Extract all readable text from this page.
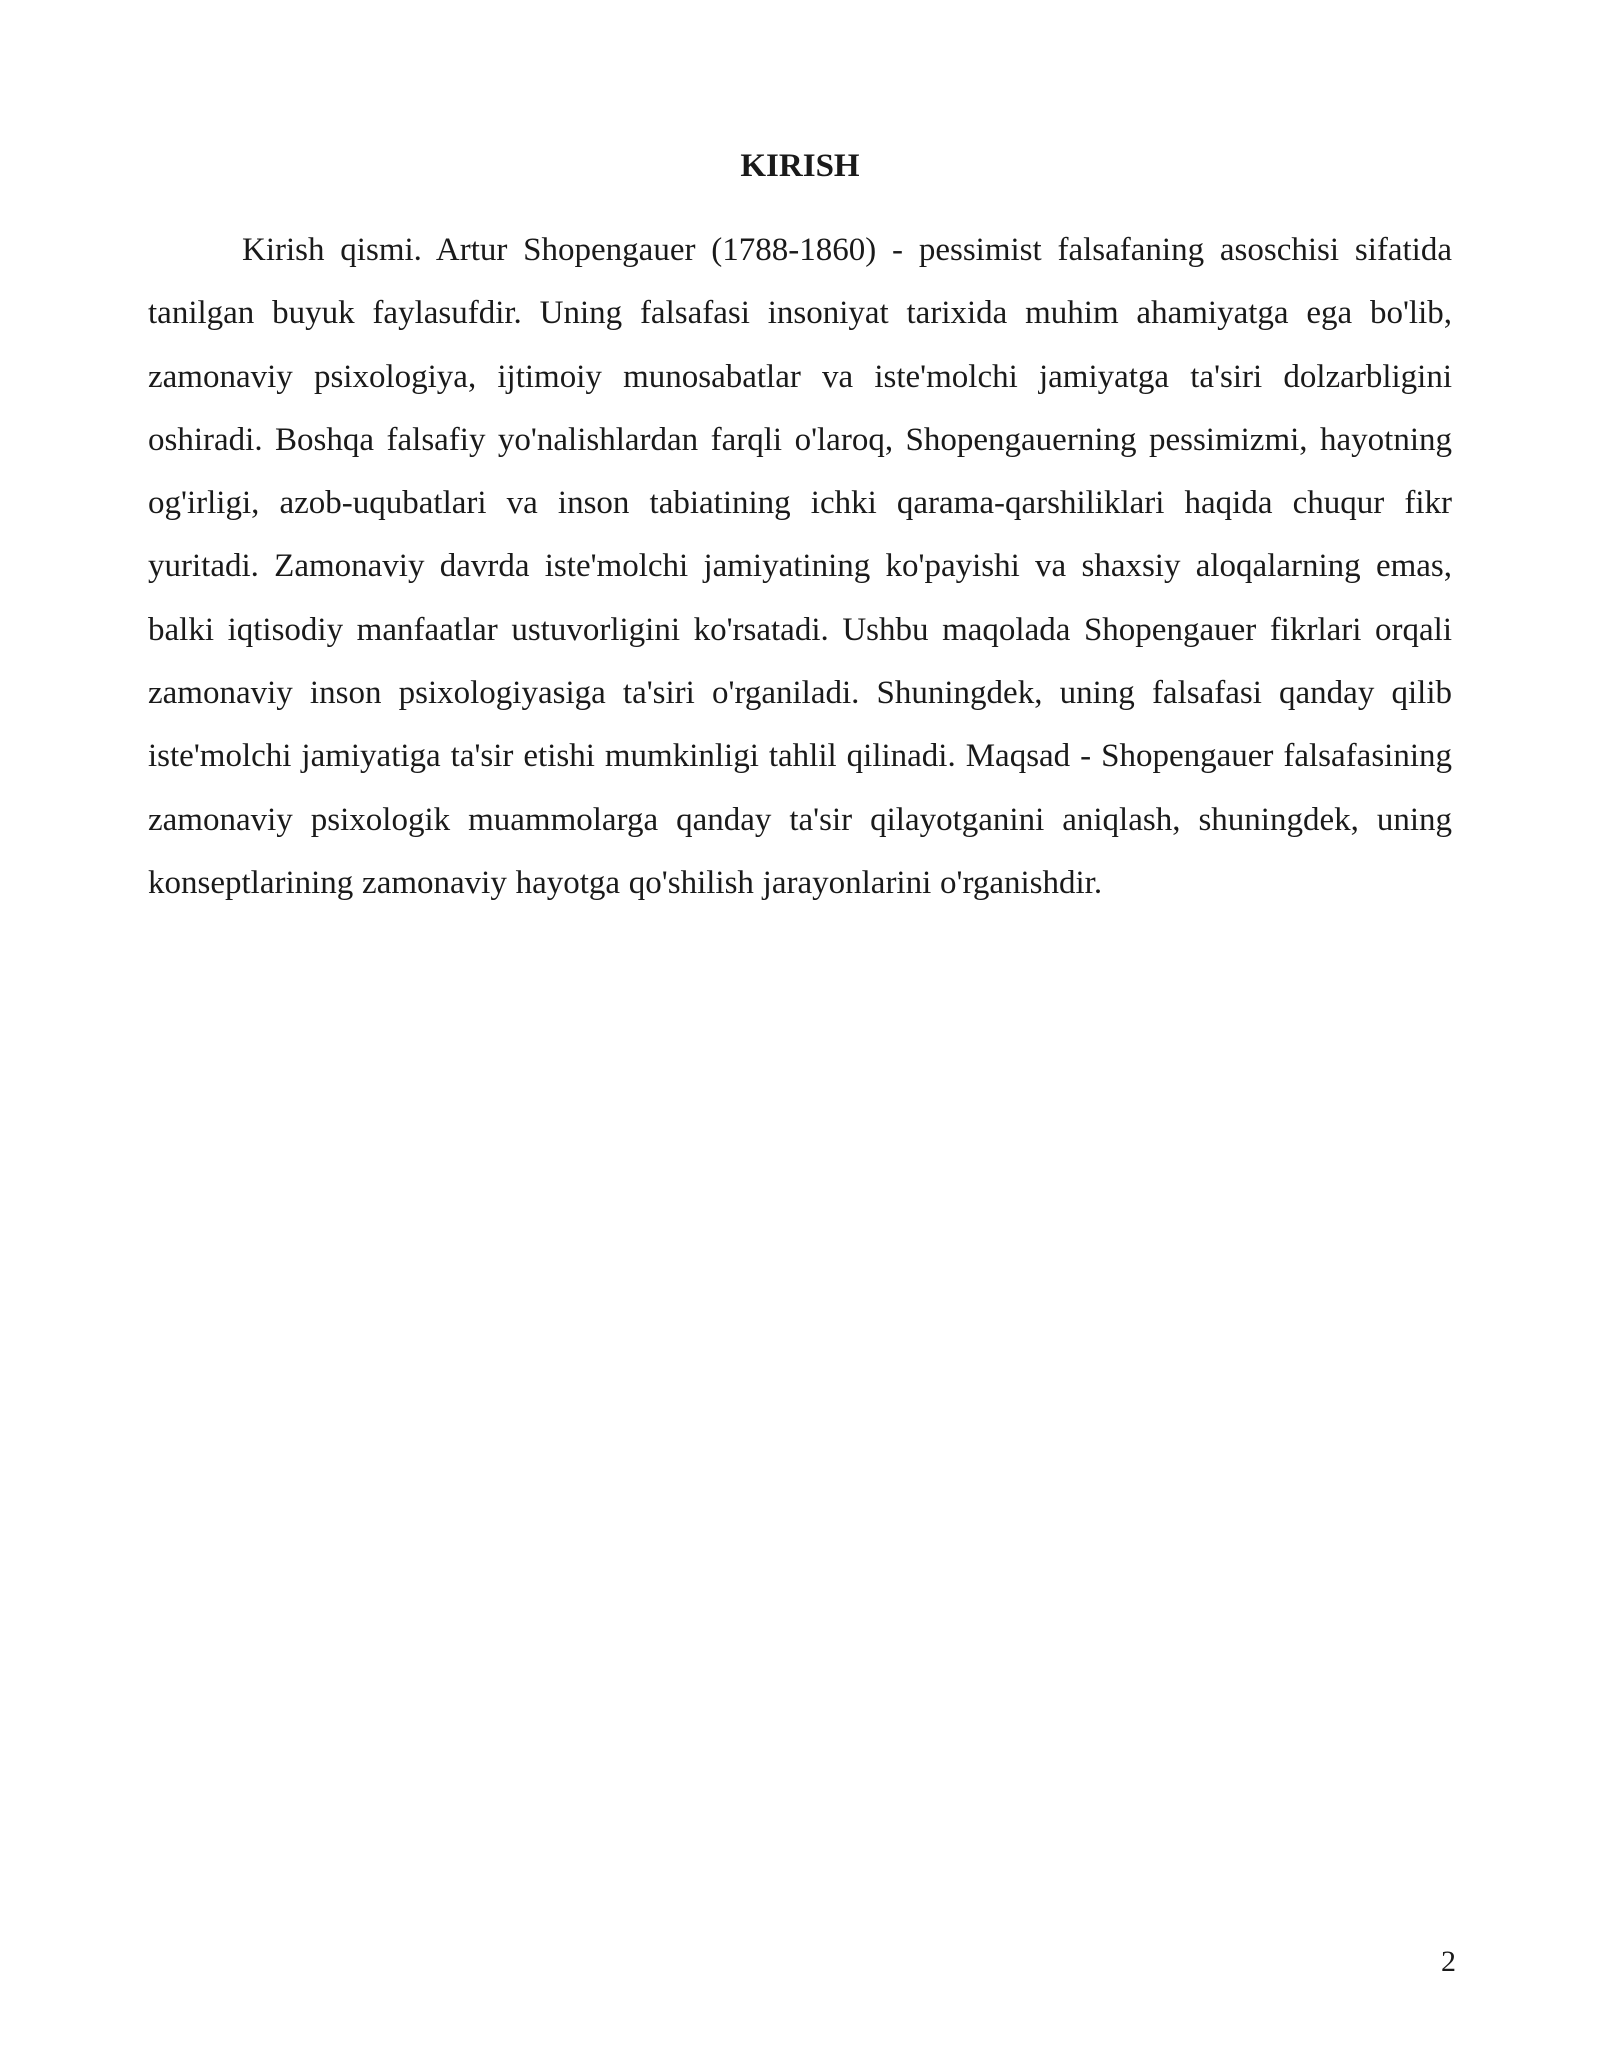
KIRISH

Kirish qismi. Artur Shopengauer (1788-1860) - pessimist falsafaning asoschisi sifatida tanilgan buyuk faylasufdir. Uning falsafasi insoniyat tarixida muhim ahamiyatga ega bo'lib, zamonaviy psixologiya, ijtimoiy munosabatlar va iste'molchi jamiyatga ta'siri dolzarbligini oshiradi. Boshqa falsafiy yo'nalishlardan farqli o'laroq, Shopengauerning pessimizmi, hayotning og'irligi, azob-uqubatlari va inson tabiatining ichki qarama-qarshiliklari haqida chuqur fikr yuritadi. Zamonaviy davrda iste'molchi jamiyatining ko'payishi va shaxsiy aloqalarning emas, balki iqtisodiy manfaatlar ustuvorligini ko'rsatadi. Ushbu maqolada Shopengauer fikrlari orqali zamonaviy inson psixologiyasiga ta'siri o'rganiladi. Shuningdek, uning falsafasi qanday qilib iste'molchi jamiyatiga ta'sir etishi mumkinligi tahlil qilinadi. Maqsad - Shopengauer falsafasining zamonaviy psixologik muammolarga qanday ta'sir qilayotganini aniqlash, shuningdek, uning konseptlarining zamonaviy hayotga qo'shilish jarayonlarini o'rganishdir.

2
